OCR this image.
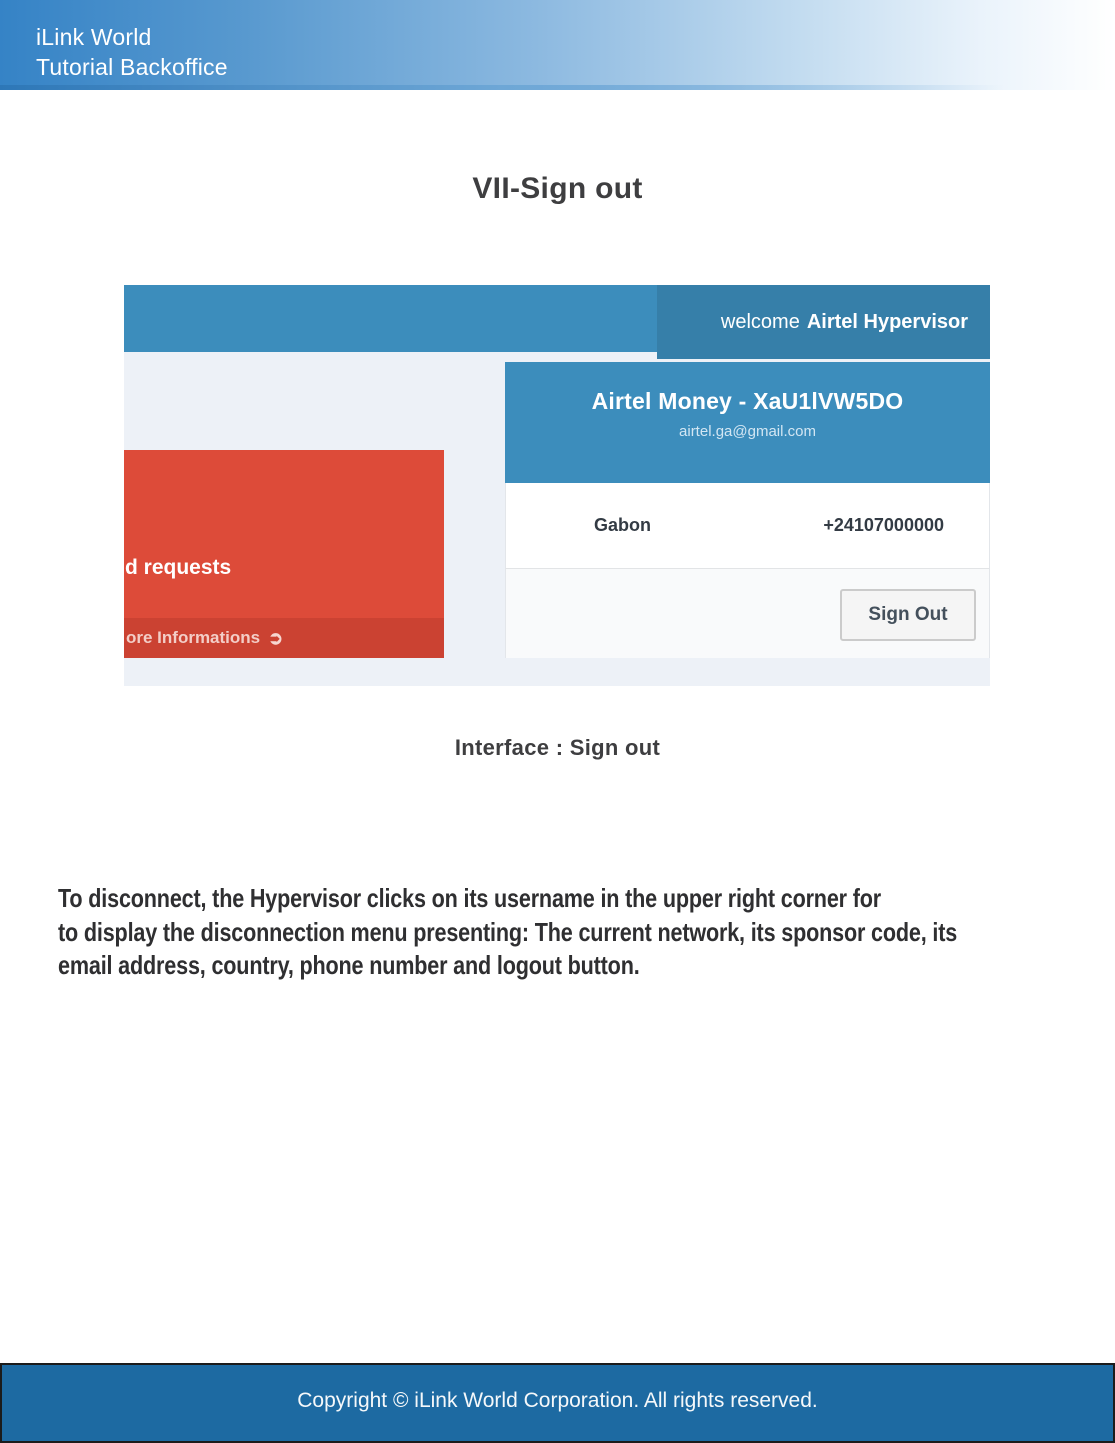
iLink World
Tutorial Backoffice
VII-Sign out
welcome Airtel Hypervisor
Airtel Money - XaU1lVW5DO
airtel.ga@gmail.com
Gabon	+24107000000
Sign Out
d requests
ore Informations ➲
Interface : Sign out
To disconnect, the Hypervisor clicks on its username in the upper right corner for
to display the disconnection menu presenting: The current network, its sponsor code, its
email address, country, phone number and logout button.
Copyright © iLink World Corporation. All rights reserved.
